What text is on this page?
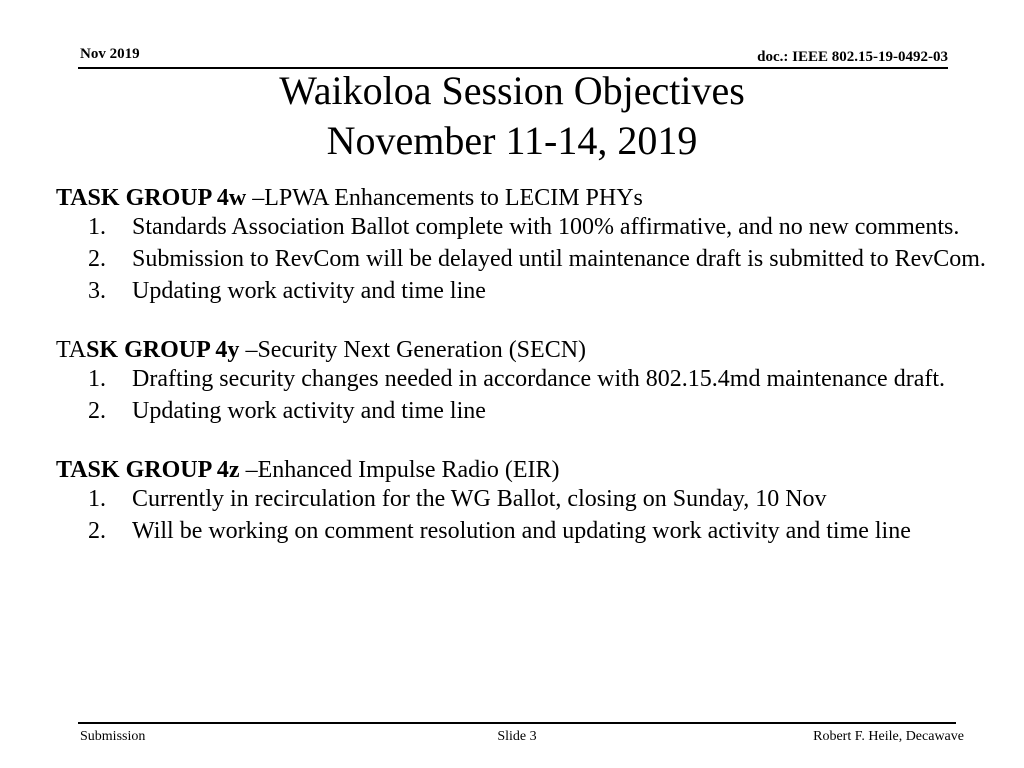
Nov 2019	doc.: IEEE 802.15-19-0492-03
Waikoloa Session Objectives
November 11-14, 2019
TASK GROUP 4w –LPWA Enhancements to LECIM PHYs
1. Standards Association Ballot complete with 100% affirmative, and no new comments.
2. Submission to RevCom will be delayed until maintenance draft is submitted to RevCom.
3. Updating work activity and time line
TASK GROUP 4y –Security Next Generation (SECN)
1. Drafting security changes needed in accordance with 802.15.4md maintenance draft.
2. Updating work activity and time line
TASK GROUP 4z –Enhanced Impulse Radio (EIR)
1. Currently in recirculation for the WG Ballot, closing on Sunday, 10 Nov
2. Will be working on comment resolution and updating work activity and time line
Submission	Slide 3	Robert F. Heile, Decawave
